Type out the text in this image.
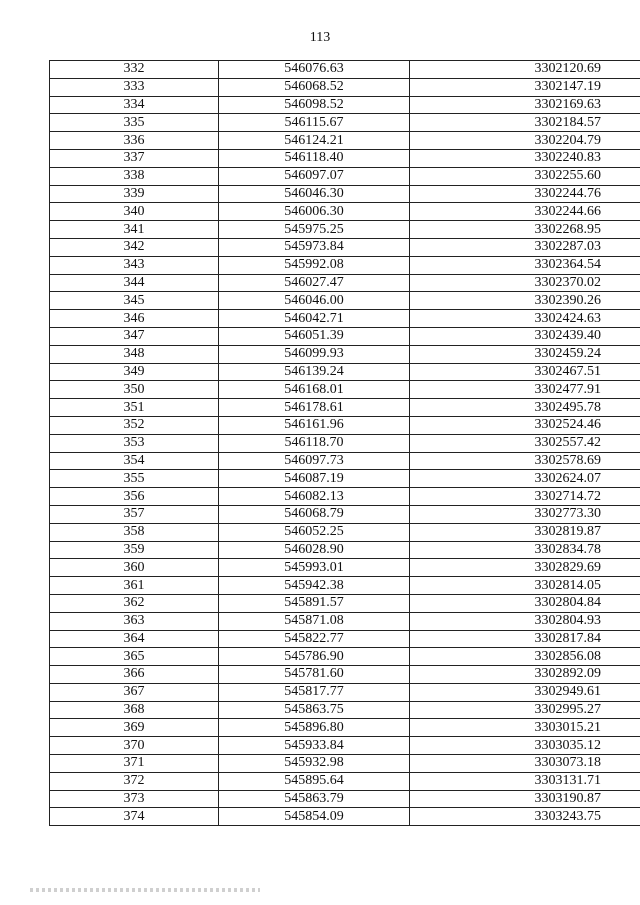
113
332	546076.63	3302120.69
333	546068.52	3302147.19
334	546098.52	3302169.63
335	546115.67	3302184.57
336	546124.21	3302204.79
337	546118.40	3302240.83
338	546097.07	3302255.60
339	546046.30	3302244.76
340	546006.30	3302244.66
341	545975.25	3302268.95
342	545973.84	3302287.03
343	545992.08	3302364.54
344	546027.47	3302370.02
345	546046.00	3302390.26
346	546042.71	3302424.63
347	546051.39	3302439.40
348	546099.93	3302459.24
349	546139.24	3302467.51
350	546168.01	3302477.91
351	546178.61	3302495.78
352	546161.96	3302524.46
353	546118.70	3302557.42
354	546097.73	3302578.69
355	546087.19	3302624.07
356	546082.13	3302714.72
357	546068.79	3302773.30
358	546052.25	3302819.87
359	546028.90	3302834.78
360	545993.01	3302829.69
361	545942.38	3302814.05
362	545891.57	3302804.84
363	545871.08	3302804.93
364	545822.77	3302817.84
365	545786.90	3302856.08
366	545781.60	3302892.09
367	545817.77	3302949.61
368	545863.75	3302995.27
369	545896.80	3303015.21
370	545933.84	3303035.12
371	545932.98	3303073.18
372	545895.64	3303131.71
373	545863.79	3303190.87
374	545854.09	3303243.75
